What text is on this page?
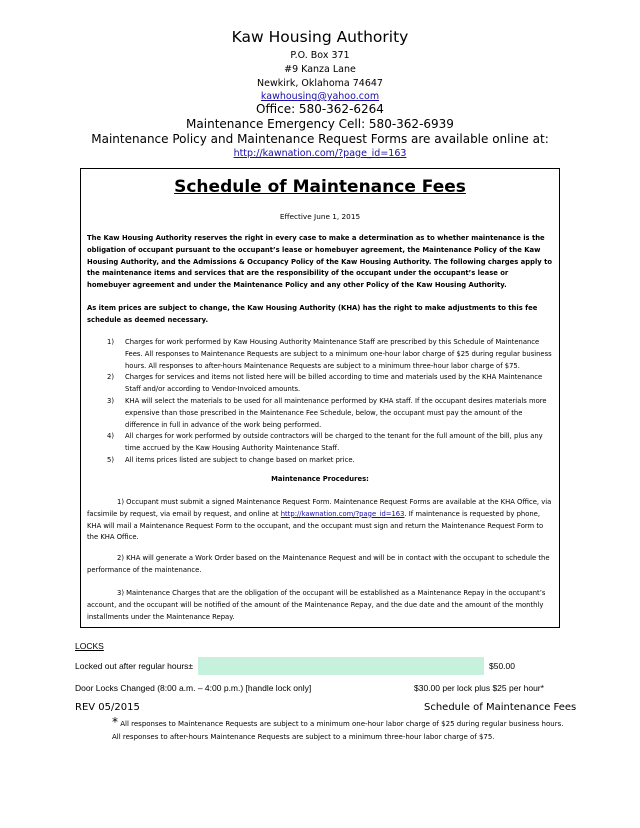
Kaw Housing Authority
P.O. Box 371
#9 Kanza Lane
Newkirk, Oklahoma 74647
kawhousing@yahoo.com
Office: 580-362-6264
Maintenance Emergency Cell: 580-362-6939
Maintenance Policy and Maintenance Request Forms are available online at:
http://kawnation.com/?page_id=163
Schedule of Maintenance Fees
Effective June 1, 2015
The Kaw Housing Authority reserves the right in every case to make a determination as to whether maintenance is the obligation of occupant pursuant to the occupant’s lease or homebuyer agreement, the Maintenance Policy of the Kaw Housing Authority, and the Admissions & Occupancy Policy of the Kaw Housing Authority. The following charges apply to the maintenance items and services that are the responsibility of the occupant under the occupant’s lease or homebuyer agreement and under the Maintenance Policy and any other Policy of the Kaw Housing Authority.
As item prices are subject to change, the Kaw Housing Authority (KHA) has the right to make adjustments to this fee schedule as deemed necessary.
1)	Charges for work performed by Kaw Housing Authority Maintenance Staff are prescribed by this Schedule of Maintenance Fees. All responses to Maintenance Requests are subject to a minimum one-hour labor charge of $25 during regular business hours. All responses to after-hours Maintenance Requests are subject to a minimum three-hour labor charge of $75.
2)	Charges for services and items not listed here will be billed according to time and materials used by the KHA Maintenance Staff and/or according to Vendor-Invoiced amounts.
3)	KHA will select the materials to be used for all maintenance performed by KHA staff. If the occupant desires materials more expensive than those prescribed in the Maintenance Fee Schedule, below, the occupant must pay the amount of the difference in full in advance of the work being performed.
4)	All charges for work performed by outside contractors will be charged to the tenant for the full amount of the bill, plus any time accrued by the Kaw Housing Authority Maintenance Staff.
5)	All items prices listed are subject to change based on market price.
Maintenance Procedures:
1) Occupant must submit a signed Maintenance Request Form. Maintenance Request Forms are available at the KHA Office, via facsimile by request, via email by request, and online at http://kawnation.com/?page_id=163. If maintenance is requested by phone, KHA will mail a Maintenance Request Form to the occupant, and the occupant must sign and return the Maintenance Request Form to the KHA Office.
2) KHA will generate a Work Order based on the Maintenance Request and will be in contact with the occupant to schedule the performance of the maintenance.
3) Maintenance Charges that are the obligation of the occupant will be established as a Maintenance Repay in the occupant’s account, and the occupant will be notified of the amount of the Maintenance Repay, and the due date and the amount of the monthly installments under the Maintenance Repay.
LOCKS
Locked out after regular hours±	$50.00
Door Locks Changed (8:00 a.m. – 4:00 p.m.) [handle lock only]	$30.00 per lock plus $25 per hour*
REV 05/2015	Schedule of Maintenance Fees
* All responses to Maintenance Requests are subject to a minimum one-hour labor charge of $25 during regular business hours. All responses to after-hours Maintenance Requests are subject to a minimum three-hour labor charge of $75.
